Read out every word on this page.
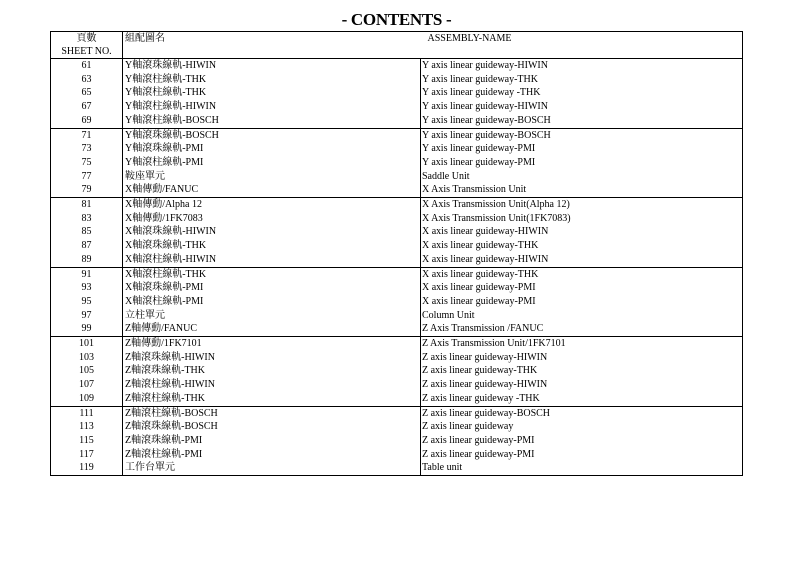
- CONTENTS -
頁數
SHEET NO.	組配圖名	ASSEMBLY-NAME
61	Y軸滾珠線軌-HIWIN	Y axis linear guideway-HIWIN
63	Y軸滾柱線軌-THK	Y axis linear guideway-THK
65	Y軸滾柱線軌-THK	Y axis linear guideway -THK
67	Y軸滾柱線軌-HIWIN	Y axis linear guideway-HIWIN
69	Y軸滾柱線軌-BOSCH	Y axis linear guideway-BOSCH
71	Y軸滾珠線軌-BOSCH	Y axis linear guideway-BOSCH
73	Y軸滾珠線軌-PMI	Y axis linear guideway-PMI
75	Y軸滾柱線軌-PMI	Y axis linear guideway-PMI
77	鞍座單元	Saddle Unit
79	X軸傳動/FANUC	X Axis Transmission Unit
81	X軸傳動/Alpha 12	X Axis Transmission Unit(Alpha 12)
83	X軸傳動/1FK7083	X Axis Transmission Unit(1FK7083)
85	X軸滾珠線軌-HIWIN	X axis linear guideway-HIWIN
87	X軸滾珠線軌-THK	X axis linear guideway-THK
89	X軸滾柱線軌-HIWIN	X axis linear guideway-HIWIN
91	X軸滾柱線軌-THK	X axis linear guideway-THK
93	X軸滾珠線軌-PMI	X axis linear guideway-PMI
95	X軸滾柱線軌-PMI	X axis linear guideway-PMI
97	立柱單元	Column Unit
99	Z軸傳動/FANUC	Z Axis Transmission /FANUC
101	Z軸傳動/1FK7101	Z Axis Transmission Unit/1FK7101
103	Z軸滾珠線軌-HIWIN	Z axis linear guideway-HIWIN
105	Z軸滾珠線軌-THK	Z axis linear guideway-THK
107	Z軸滾柱線軌-HIWIN	Z axis linear guideway-HIWIN
109	Z軸滾柱線軌-THK	Z axis linear guideway -THK
111	Z軸滾柱線軌-BOSCH	Z axis linear guideway-BOSCH
113	Z軸滾珠線軌-BOSCH	Z axis linear guideway
115	Z軸滾珠線軌-PMI	Z axis linear guideway-PMI
117	Z軸滾柱線軌-PMI	Z axis linear guideway-PMI
119	工作台單元	Table unit
